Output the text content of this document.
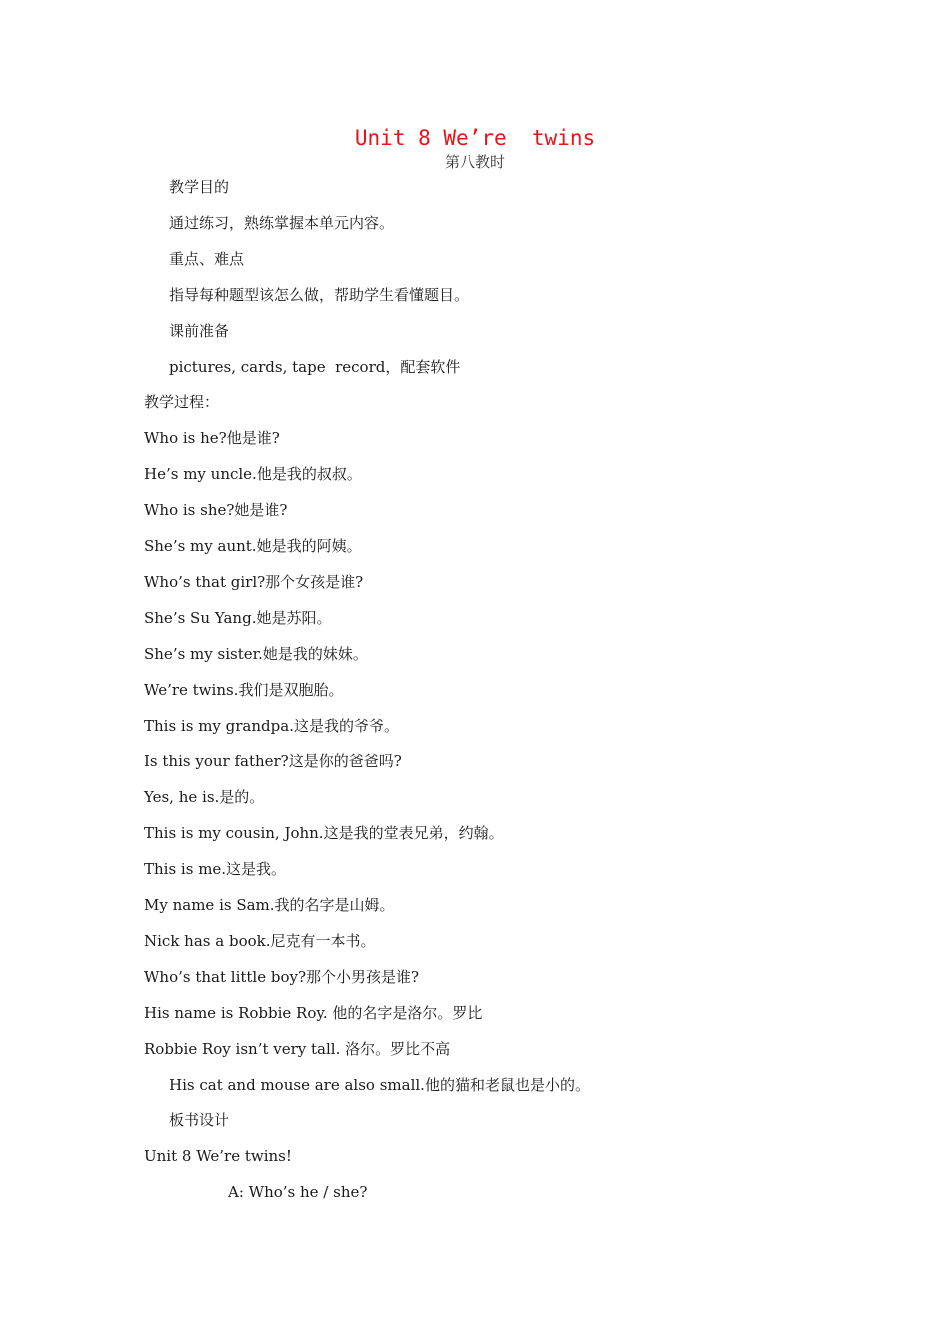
Unit 8 We’re  twins
第八教时
教学目的
通过练习，熟练掌握本单元内容。
重点、难点
指导每种题型该怎么做，帮助学生看懂题目。
课前准备
pictures, cards, tape  record，配套软件
教学过程：
Who is he?他是谁?
He’s my uncle.他是我的叔叔。
Who is she?她是谁?
She’s my aunt.她是我的阿姨。
Who’s that girl?那个女孩是谁?
She’s Su Yang.她是苏阳。
She’s my sister.她是我的妹妹。
We’re twins.我们是双胞胎。
This is my grandpa.这是我的爷爷。
Is this your father?这是你的爸爸吗?
Yes, he is.是的。
This is my cousin, John.这是我的堂表兄弟，约翰。
This is me.这是我。
My name is Sam.我的名字是山姆。
Nick has a book.尼克有一本书。
Who’s that little boy?那个小男孩是谁?
His name is Robbie Roy. 他的名字是洛尔。罗比
Robbie Roy isn’t very tall. 洛尔。罗比不高
His cat and mouse are also small.他的猫和老鼠也是小的。
板书设计
Unit 8 We’re twins!
A: Who’s he / she?
